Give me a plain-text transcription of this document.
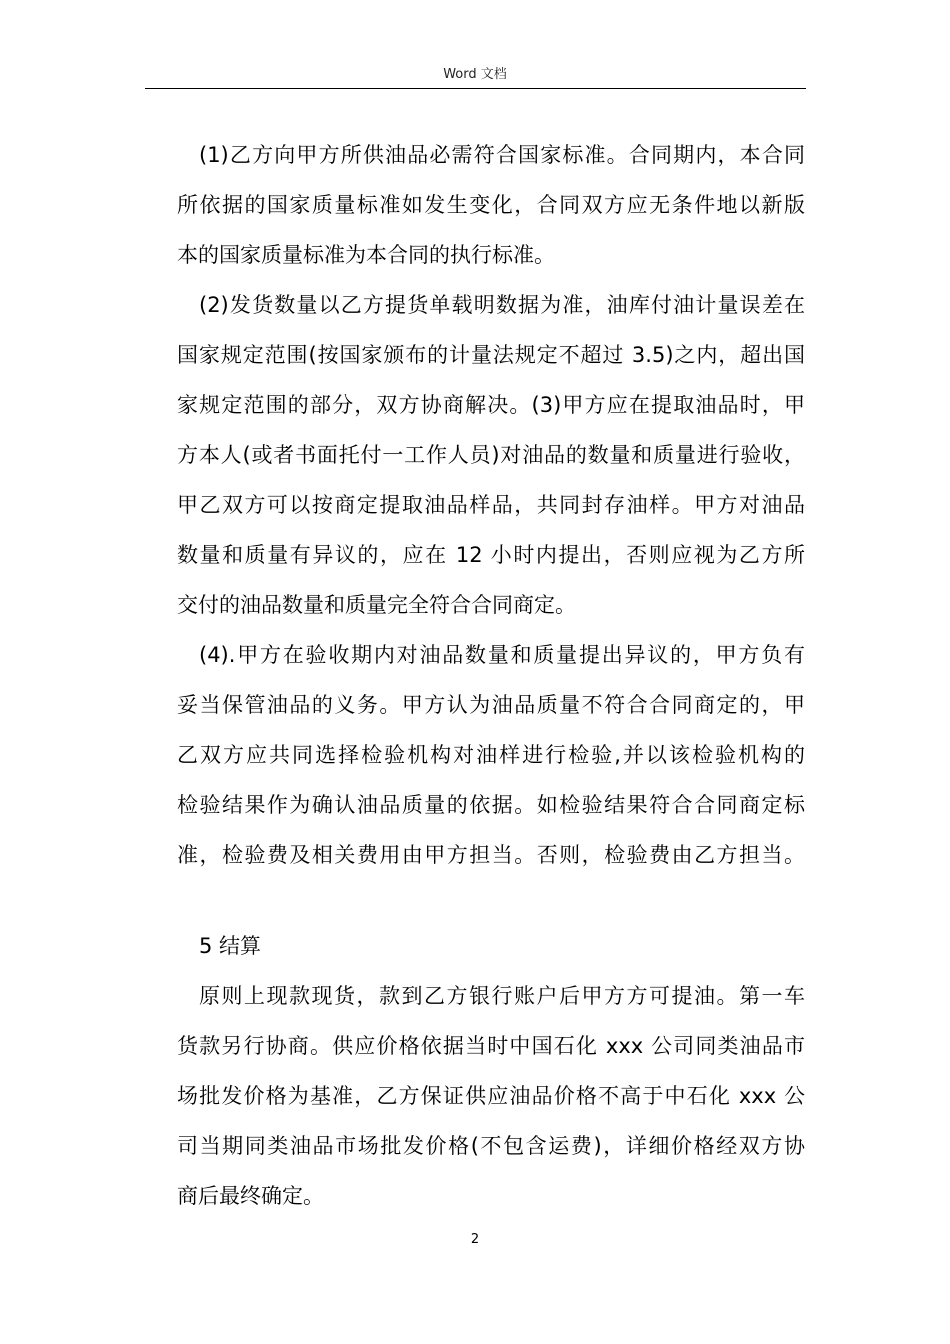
Word 文档
(1)乙方向甲方所供油品必需符合国家标准。合同期内，本合同
所依据的国家质量标准如发生变化，合同双方应无条件地以新版
本的国家质量标准为本合同的执行标准。
(2)发货数量以乙方提货单载明数据为准，油库付油计量误差在
国家规定范围(按国家颁布的计量法规定不超过 3.5)之内，超出国
家规定范围的部分，双方协商解决。(3)甲方应在提取油品时，甲
方本人(或者书面托付一工作人员)对油品的数量和质量进行验收，
甲乙双方可以按商定提取油品样品，共同封存油样。甲方对油品
数量和质量有异议的，应在 12 小时内提出，否则应视为乙方所
交付的油品数量和质量完全符合合同商定。
(4).甲方在验收期内对油品数量和质量提出异议的，甲方负有
妥当保管油品的义务。甲方认为油品质量不符合合同商定的，甲
乙双方应共同选择检验机构对油样进行检验,并以该检验机构的
检验结果作为确认油品质量的依据。如检验结果符合合同商定标
准，检验费及相关费用由甲方担当。否则，检验费由乙方担当。
5 结算
原则上现款现货，款到乙方银行账户后甲方方可提油。第一车
货款另行协商。供应价格依据当时中国石化 xxx 公司同类油品市
场批发价格为基准，乙方保证供应油品价格不高于中石化 xxx 公
司当期同类油品市场批发价格(不包含运费)，详细价格经双方协
商后最终确定。
2
